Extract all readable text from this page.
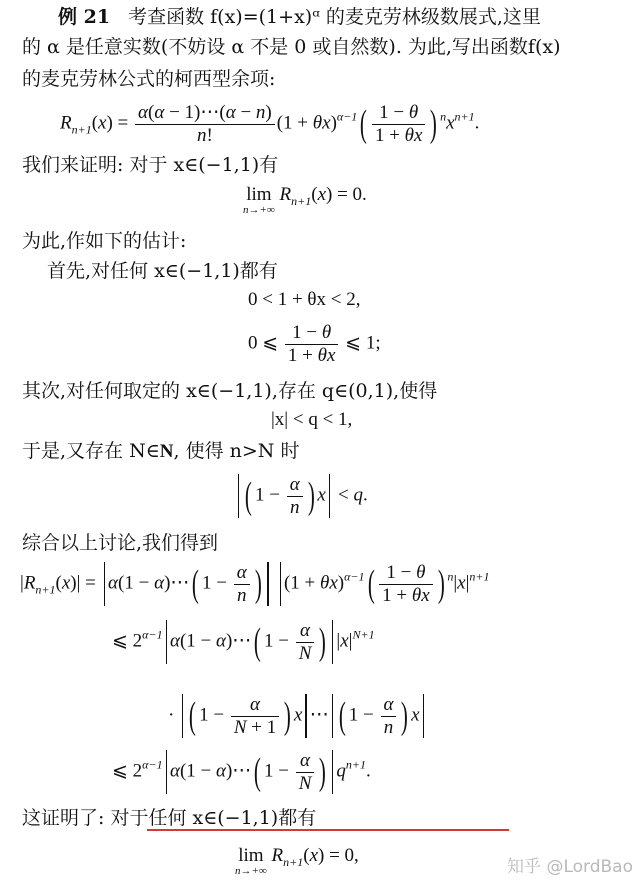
例 21 考查函数 f(x)=(1+x)ᵅ 的麦克劳林级数展式,这里
的 α 是任意实数(不妨设 α 不是 0 或自然数). 为此,写出函数f(x)
的麦克劳林公式的柯西型余项:
$R_{n+1}(x) = \frac{\alpha(\alpha - 1)\cdots(\alpha - n)}{n!} (1 + \theta x)^{\alpha-1}( \frac{1 - \theta}{1 + \theta x}$ ) $^nx^{n+1}$.
我们来证明: 对于 x∈(−1,1)有
lim
n→+∞
$R_{n+1}(x) = 0$.
为此,作如下的估计:
首先,对任何 x∈(−1,1)都有
0 < 1 + θx < 2,
0 ⩽ $\frac{1 - \theta}{1 + \theta x}$ ⩽ 1;
其次,对任何取定的 x∈(−1,1),存在 q∈(0,1),使得
|x| < q < 1,
于是,又存在 N∈N, 使得 n>N 时
( $1 - \frac{\alpha}{n}$ ) x < q.
综合以上讨论,我们得到
$|R_{n+1}(x)| = \alpha(1$ − α)⋯( $1 - \frac{\alpha}{n}$ ) $(1 + \theta x)^{\alpha-1}( \frac{1 - \theta}{1 + \theta x}$ ) $^n|x|^{n+1}$
⩽ $2^{\alpha-1}$ α(1 − α)⋯( $1 - \frac{\alpha}{N}$ ) $|x|^{N+1}$
· ( $1 - \frac{\alpha}{N + 1}$ ) x ⋯ ( $1 - \frac{\alpha}{n}$ ) x
⩽ $2^{\alpha-1}$ α(1 − α)⋯( $1 - \frac{\alpha}{N}$ ) $q^{n+1}$.
这证明了: 对于任何 x∈(−1,1)都有
lim
n→+∞
$R_{n+1}(x) = 0$,
知乎 @LordBao
